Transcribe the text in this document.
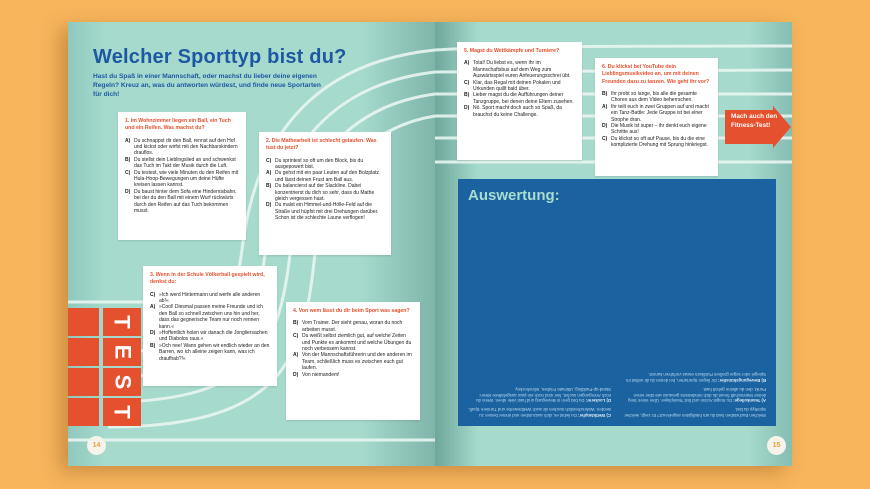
Welcher Sporttyp bist du?
Hast du Spaß in einer Mannschaft, oder machst du lieber deine eigenen Regeln? Kreuz an, was du antworten würdest, und finde neue Sportarten für dich!

1. Im Wohnzimmer liegen ein Ball, ein Tuch und ein Reifen. Was machst du?

A) Du schnappst dir den Ball, rennst auf den Hof und kickst oder wirfst mit den Nachbarskindern drauflos.
B) Du stellst dein Lieblingslied an und schwenkst das Tuch im Takt der Musik durch die Luft.
C) Du testest, wie viele Minuten du den Reifen mit Hula-Hoop-Bewegungen um deine Hüfte kreisen lassen kannst.
D) Du baust hinter dem Sofa eine Hindernisbahn, bei der du den Ball mit einem Wurf rückwärts durch den Reifen auf das Tuch bekommen musst.

2. Die Mathearbeit ist schlecht gelaufen. Was tust du jetzt?

C) Du sprintest so oft um den Block, bis du ausgepowert bist.
A) Du gehst mit ein paar Leuten auf den Bolzplatz und lässt deinen Frust am Ball aus.
B) Du balancierst auf der Slackline. Dabei konzentrierst du dich so sehr, dass du Mathe gleich vergessen hast.
D) Du malst ein Himmel-und-Hölle-Feld auf die Straße und hüpfst mit drei Drehungen darüber. Schon ist die schlechte Laune verflogen!

3. Wenn in der Schule Völkerball gespielt wird, denkst du:

C) »Ich werd Hintermann und werfe alle anderen ab!«
A) »Cool! Diesmal passen meine Freunde und ich den Ball so schnell zwischen uns hin und her, dass das gegnerische Team nur noch rennen kann.«
D) »Hoffentlich holen wir danach die Jongliersachen und Diabolos raus.«
B) »Och nee! Wann gehen wir endlich wieder an den Barren, wo ich alleine zeigen kann, was ich draufhab?!«

4. Von wem lässt du dir beim Sport was sagen?

B) Vom Trainer. Der sieht genau, woran du noch arbeiten musst.
C) Du weißt selbst ziemlich gut, auf welche Zeiten und Punkte es ankommt und welche Übungen du noch verbessern kannst.
A) Von der Mannschaftsführerin und den anderen im Team, schließlich muss es zwischen euch gut laufen.
D) Von niemandem!
T
E
S
T
14

5. Magst du Wettkämpfe und Turniere?

A) Total! Du liebst es, wenn ihr im Mannschaftsbus auf dem Weg zum Auswärtsspiel euren Anfeuerungsschrei übt.
C) Klar, das Regal mit deinen Pokalen und Urkunden quillt bald über.
B) Lieber magst du die Aufführungen deiner Tanzgruppe, bei denen deine Eltern zusehen.
D) Nö. Sport macht doch auch so Spaß, da brauchst du keine Challenge.

6. Du klickst bei YouTube dein Lieblingsmusikvideo an, um mit deinen Freunden dazu zu tanzen. Wie geht ihr vor?

B) Ihr probt so lange, bis alle die gesamte Choreo aus dem Video beherrschen.
A) Ihr teilt euch in zwei Gruppen auf und macht ein Tanz-Battle: Jede Gruppe ist bei einer Strophe dran.
D) Die Musik ist super – ihr denkt euch eigene Schritte aus!
C) Du klickst so oft auf Pause, bis du die eine komplizierte Drehung mit Sprung hinkriegst.
Mach auch den Fitness-Test!
Auswertung:

Welchen Buchstaben hast du am häufigsten angekreuzt? Er zeigt, welcher Sporttyp du bist.

A) Teamkollege: Du magst Action und bist Teamplayer. Über einen Sieg deiner Mannschaft freust du dich mindestens genauso wie über einen Punkt, den du alleine geholt hast.

B) Bewegungskünstler: Dir liegen Sportarten, bei denen du dir selbst im Spiegel oder sogar großem Publikum etwas vorführen kannst.

C) Wettkämpfer: Du liebst es, dich auszutoben und immer besser zu werden. Wahrscheinlich machen dir auch Wettbewerbe und Turniere Spaß.

D) Lockerer: Du bist gern in Bewegung und hast viele Ideen. Wenn du noch Anregungen suchst, hier sind noch ein paar ausgefallene Ideen: Stand-up-Paddling, Ultimate Frisbee, Inlinehockey.

15
